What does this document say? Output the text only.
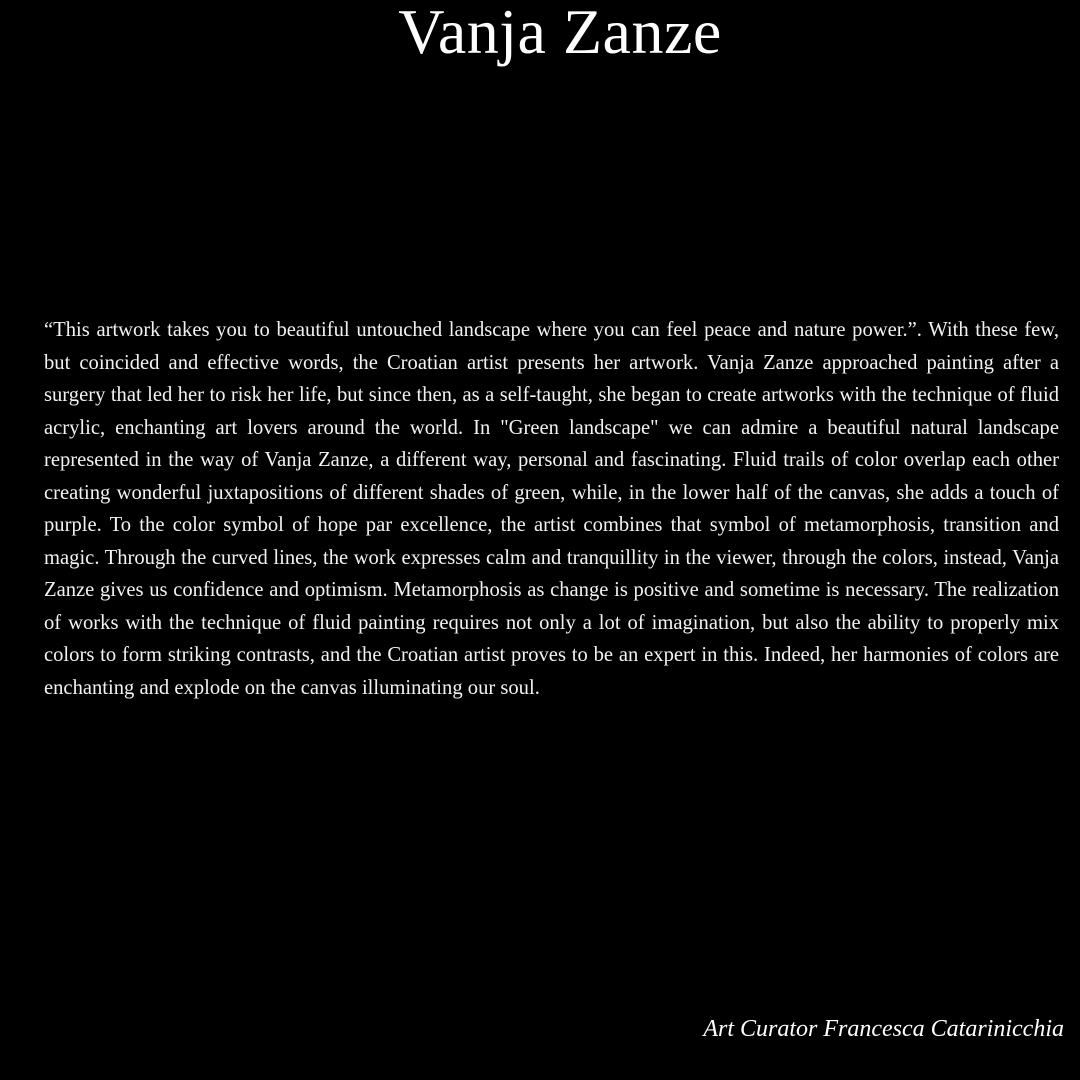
Vanja Zanze

“This artwork takes you to beautiful untouched landscape where you can feel peace and nature power.”. With these few, but coincided and effective words, the Croatian artist presents her artwork. Vanja Zanze approached painting after a surgery that led her to risk her life, but since then, as a self-taught, she began to create artworks with the technique of fluid acrylic, enchanting art lovers around the world. In "Green landscape" we can admire a beautiful natural landscape represented in the way of Vanja Zanze, a different way, personal and fascinating. Fluid trails of color overlap each other creating wonderful juxtapositions of different shades of green, while, in the lower half of the canvas, she adds a touch of purple. To the color symbol of hope par excellence, the artist combines that symbol of metamorphosis, transition and magic. Through the curved lines, the work expresses calm and tranquillity in the viewer, through the colors, instead, Vanja Zanze gives us confidence and optimism. Metamorphosis as change is positive and sometime is necessary. The realization of works with the technique of fluid painting requires not only a lot of imagination, but also the ability to properly mix colors to form striking contrasts, and the Croatian artist proves to be an expert in this. Indeed, her harmonies of colors are enchanting and explode on the canvas illuminating our soul.

Art Curator Francesca Catarinicchia
